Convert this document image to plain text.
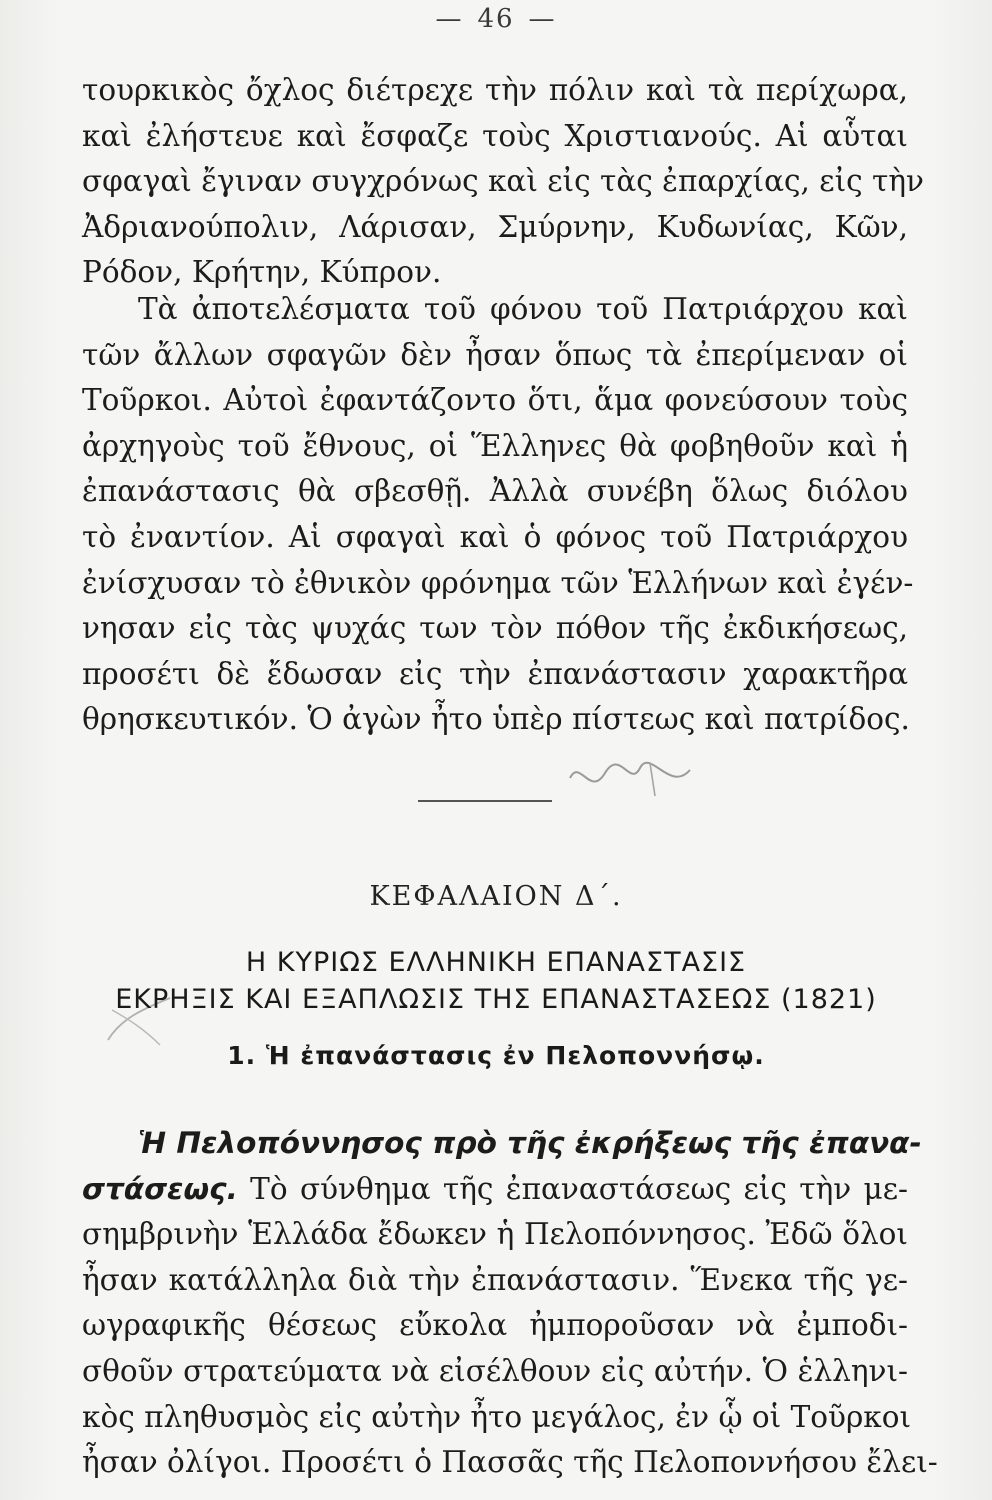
— 46 —
τουρκικὸς ὄχλος διέτρεχε τὴν πόλιν καὶ τὰ περίχωρα,
καὶ ἐλήστευε καὶ ἔσφαζε τοὺς Χριστιανούς. Αἱ αὗται
σφαγαὶ ἔγιναν συγχρόνως καὶ εἰς τὰς ἐπαρχίας, εἰς τὴν
Ἀδριανούπολιν, Λάρισαν, Σμύρνην, Κυδωνίας, Κῶν,
Ρόδον, Κρήτην, Κύπρον.
Τὰ ἀποτελέσματα τοῦ φόνου τοῦ Πατριάρχου καὶ
τῶν ἄλλων σφαγῶν δὲν ἦσαν ὅπως τὰ ἐπερίμεναν οἱ
Τοῦρκοι. Αὐτοὶ ἐφαντάζοντο ὅτι, ἅμα φονεύσουν τοὺς
ἀρχηγοὺς τοῦ ἔθνους, οἱ Ἕλληνες θὰ φοβηθοῦν καὶ ἡ
ἐπανάστασις θὰ σβεσθῇ. Ἀλλὰ συνέβη ὅλως διόλου
τὸ ἐναντίον. Αἱ σφαγαὶ καὶ ὁ φόνος τοῦ Πατριάρχου
ἐνίσχυσαν τὸ ἐθνικὸν φρόνημα τῶν Ἑλλήνων καὶ ἐγέν-
νησαν εἰς τὰς ψυχάς των τὸν πόθον τῆς ἐκδικήσεως,
προσέτι δὲ ἔδωσαν εἰς τὴν ἐπανάστασιν χαρακτῆρα
θρησκευτικόν. Ὁ ἀγὼν ἦτο ὑπὲρ πίστεως καὶ πατρίδος.
ΚΕΦΑΛΑΙΟΝ Δ΄.
Η ΚΥΡΙΩΣ ΕΛΛΗΝΙΚΗ ΕΠΑΝΑΣΤΑΣΙΣ
ΕΚΡΗΞΙΣ ΚΑΙ ΕΞΑΠΛΩΣΙΣ ΤΗΣ ΕΠΑΝΑΣΤΑΣΕΩΣ (1821)
1. Ἡ ἐπανάστασις ἐν Πελοποννήσῳ.
Ἡ Πελοπόννησος πρὸ τῆς ἐκρήξεως τῆς ἐπανα-
στάσεως. Τὸ σύνθημα τῆς ἐπαναστάσεως εἰς τὴν με-
σημβρινὴν Ἑλλάδα ἔδωκεν ἡ Πελοπόννησος. Ἐδῶ ὅλοι
ἦσαν κατάλληλα διὰ τὴν ἐπανάστασιν. Ἕνεκα τῆς γε-
ωγραφικῆς θέσεως εὔκολα ἠμποροῦσαν νὰ ἐμποδι-
σθοῦν στρατεύματα νὰ εἰσέλθουν εἰς αὐτήν. Ὁ ἑλληνι-
κὸς πληθυσμὸς εἰς αὐτὴν ἦτο μεγάλος, ἐν ᾧ οἱ Τοῦρκοι
ἦσαν ὀλίγοι. Προσέτι ὁ Πασσᾶς τῆς Πελοποννήσου ἔλει-
